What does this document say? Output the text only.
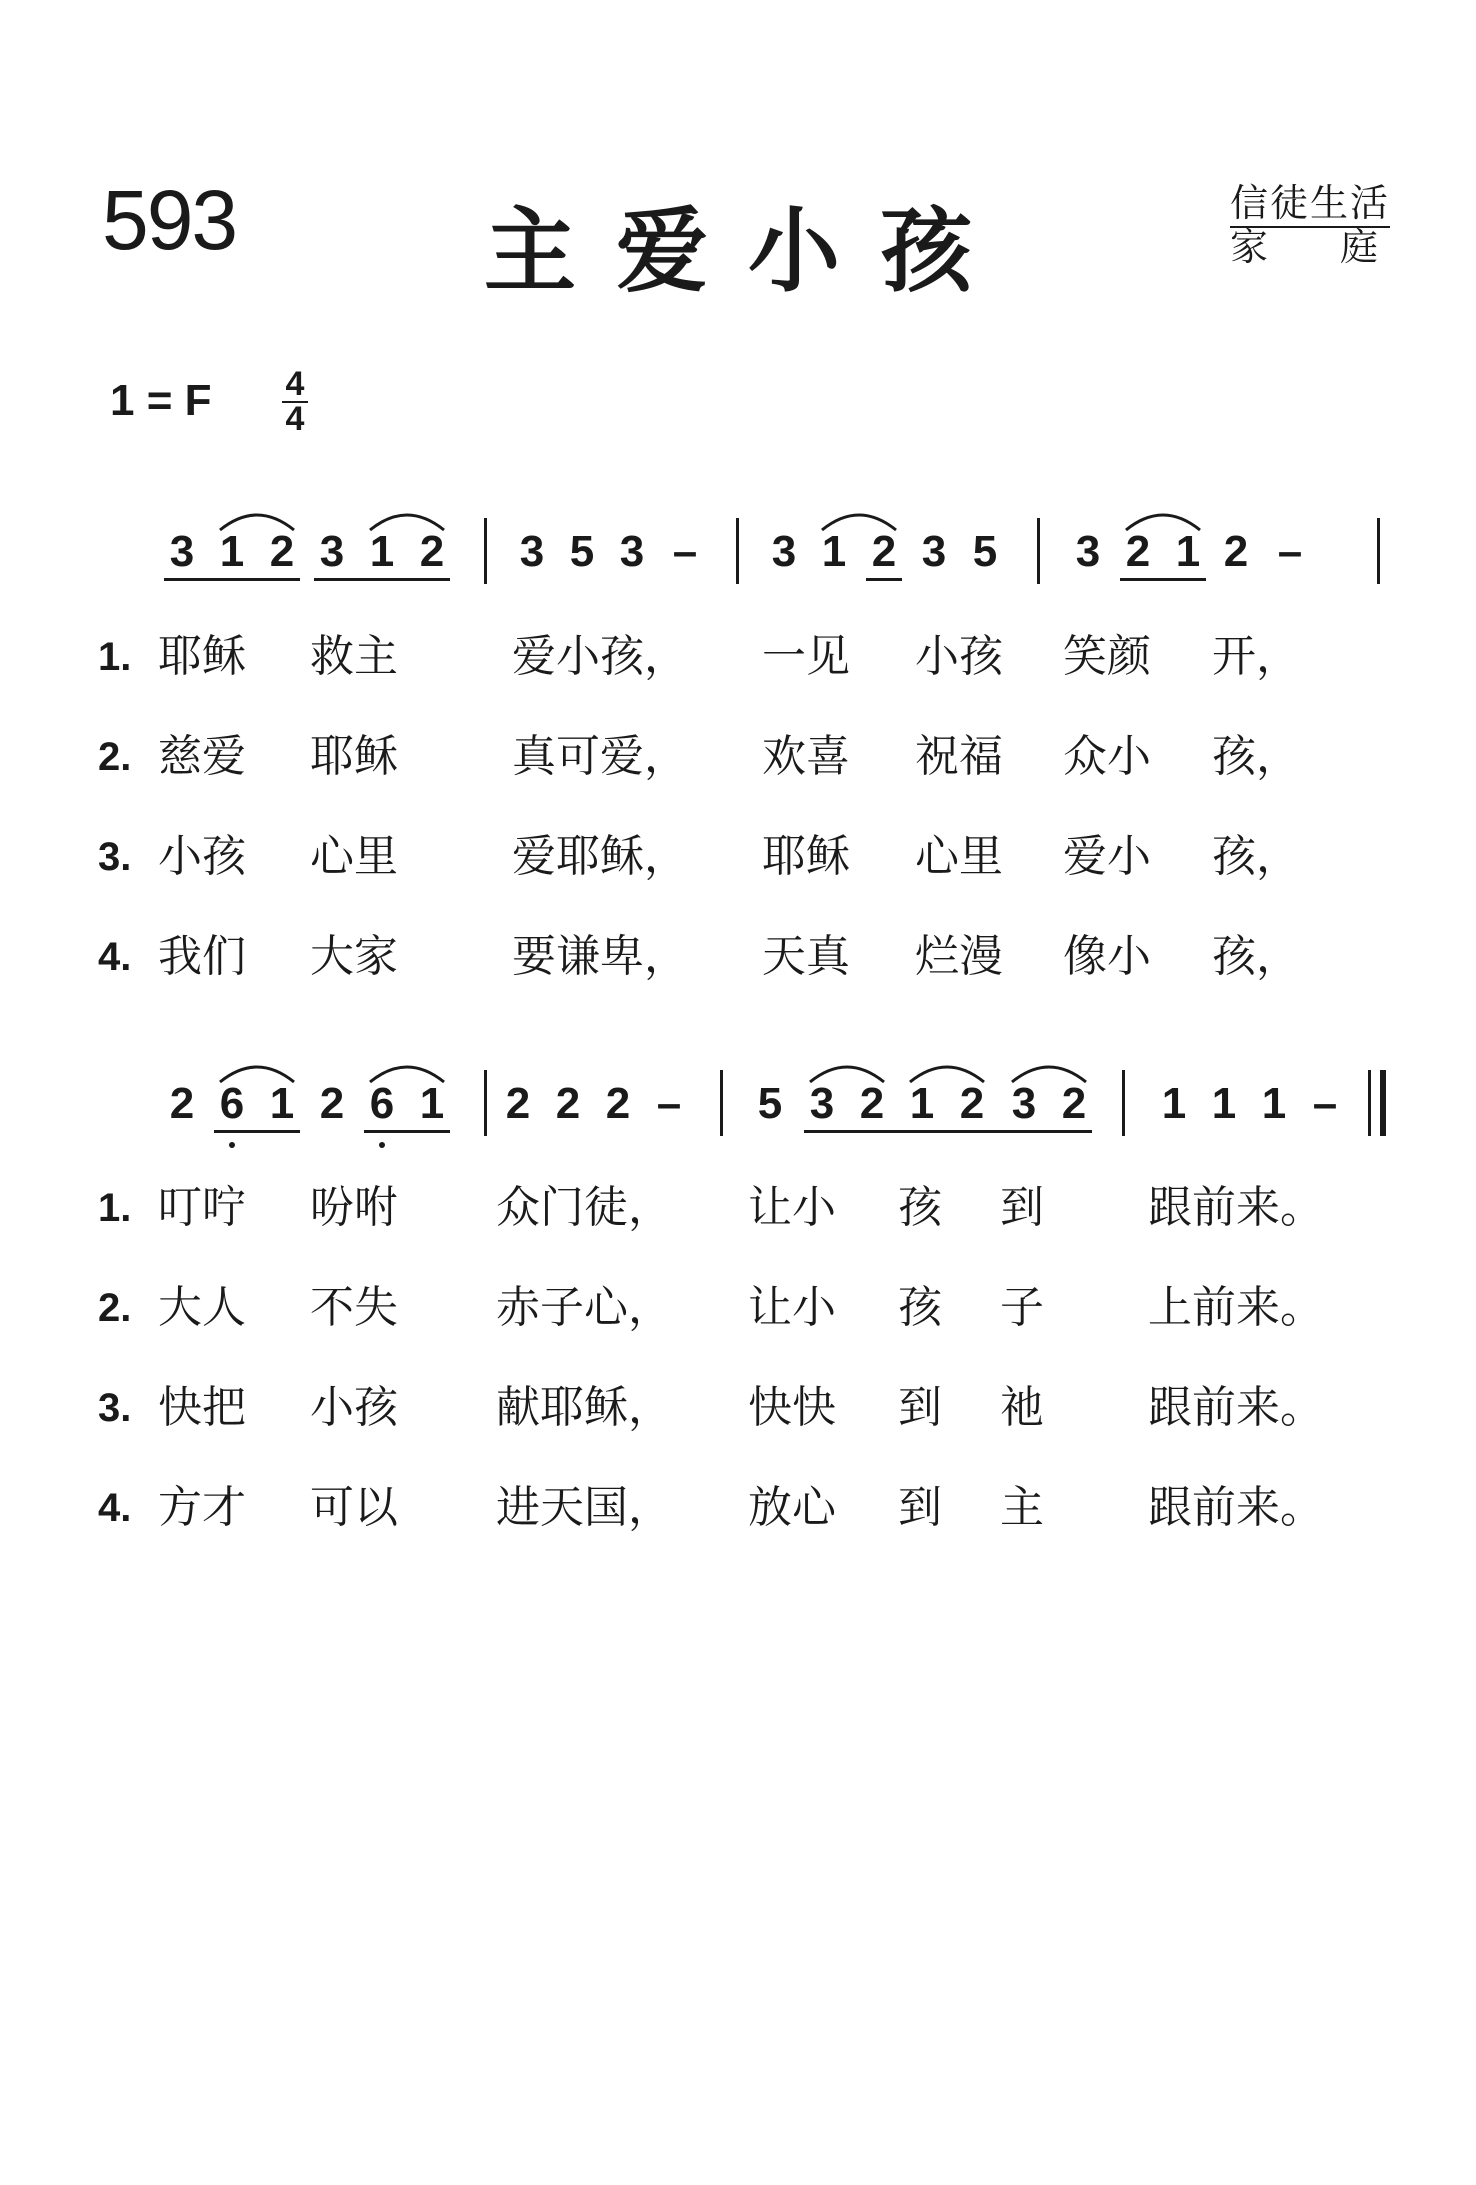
593	主爱小孩	信徒生活
家 庭
1 = F 4
4
3 1 2 3 1 2 3 5 3 – 3 1 2 3 5 3 2 1 2 –
1. 耶稣 救主	爱小孩， 一见 小孩 笑颜 开，
2. 慈爱 耶稣	真可爱， 欢喜 祝福 众小 孩，
3. 小孩 心里	爱耶稣， 耶稣 心里 爱小 孩，
4. 我们 大家	要谦卑， 天真 烂漫 像小 孩，
2 6 1 2 6 1 2 2 2 – 5 3 2 1 2 3 2 1 1 1 –
1. 叮咛 吩咐 众门徒， 让小 孩 到 跟前来。
2. 大人 不失 赤子心， 让小 孩 子 上前来。
3. 快把 小孩 献耶稣， 快快 到 祂 跟前来。
4. 方才 可以 进天国， 放心 到 主 跟前来。
